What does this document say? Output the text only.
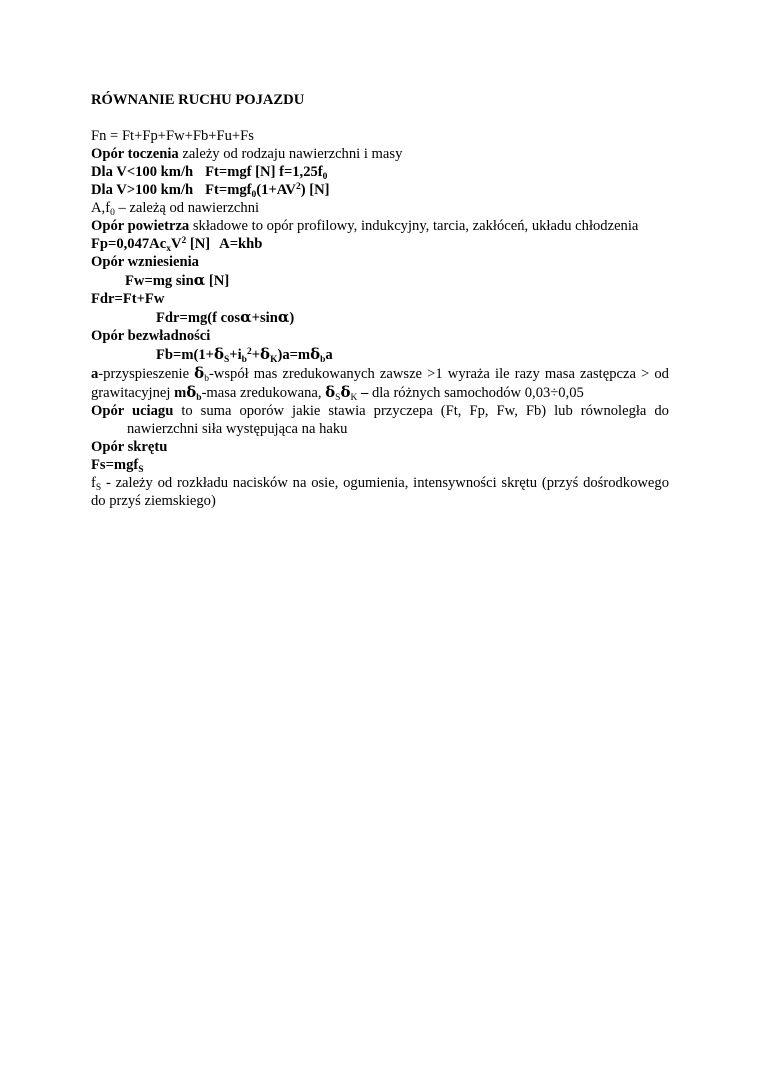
RÓWNANIE RUCHU POJAZDU
Fn = Ft+Fp+Fw+Fb+Fu+Fs
Opór toczenia zależy od rodzaju nawierzchni i masy
Dla V<100 km/h Ft=mgf [N] $f=1,25f_0$
Dla V>100 km/h $Ft=mgf_0(1+AV^2)$ [N]
$A,f_0$ – zależą od nawierzchni
Opór powietrza składowe to opór profilowy, indukcyjny, tarcia, zakłóceń, układu chłodzenia
$Fp=0,047Ac_xV^2$ [N] A=khb
Opór wzniesienia
Fw=mg sinα [N]
Fdr=Ft+Fw
Fdr=mg(f cosα+sinα)
Opór bezwładności
$Fb=m(1+\delta_S+i_b^2+\delta_K)a=m\delta_ba$
a-przyspieszenie $\delta_b$-współ mas zredukowanych zawsze >1 wyraża ile razy masa zastępcza > od grawitacyjnej $m\delta_b$-masa zredukowana, $\delta_S\delta_K$ – dla różnych samochodów 0,03÷0,05
Opór uciagu to suma oporów jakie stawia przyczepa (Ft, Fp, Fw, Fb) lub równoległa do nawierzchni siła występująca na haku
Opór skrętu
Fs=mgf$_S$
$f_S$ - zależy od rozkładu nacisków na osie, ogumienia, intensywności skrętu (przyś dośrodkowego do przyś ziemskiego)
